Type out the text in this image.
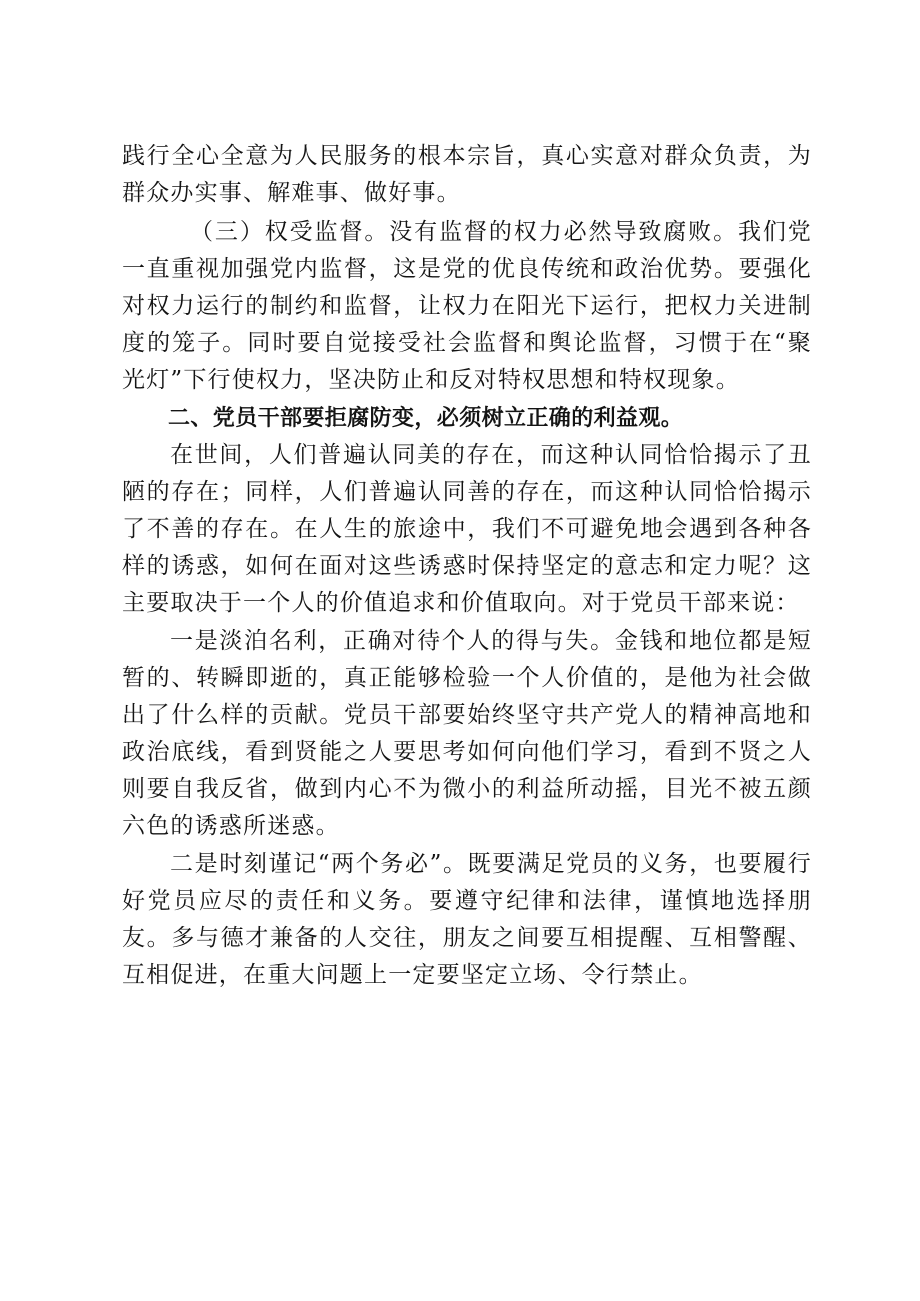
践行全心全意为人民服务的根本宗旨，真心实意对群众负责，为群众办实事、解难事、做好事。

（三）权受监督。没有监督的权力必然导致腐败。我们党一直重视加强党内监督，这是党的优良传统和政治优势。要强化对权力运行的制约和监督，让权力在阳光下运行，把权力关进制度的笼子。同时要自觉接受社会监督和舆论监督，习惯于在“聚光灯”下行使权力，坚决防止和反对特权思想和特权现象。

二、党员干部要拒腐防变，必须树立正确的利益观。

在世间，人们普遍认同美的存在，而这种认同恰恰揭示了丑陋的存在；同样，人们普遍认同善的存在，而这种认同恰恰揭示了不善的存在。在人生的旅途中，我们不可避免地会遇到各种各样的诱惑，如何在面对这些诱惑时保持坚定的意志和定力呢？这主要取决于一个人的价值追求和价值取向。对于党员干部来说：

一是淡泊名利，正确对待个人的得与失。金钱和地位都是短暂的、转瞬即逝的，真正能够检验一个人价值的，是他为社会做出了什么样的贡献。党员干部要始终坚守共产党人的精神高地和政治底线，看到贤能之人要思考如何向他们学习，看到不贤之人则要自我反省，做到内心不为微小的利益所动摇，目光不被五颜六色的诱惑所迷惑。

二是时刻谨记“两个务必”。既要满足党员的义务，也要履行好党员应尽的责任和义务。要遵守纪律和法律，谨慎地选择朋友。多与德才兼备的人交往，朋友之间要互相提醒、互相警醒、互相促进，在重大问题上一定要坚定立场、令行禁止。
